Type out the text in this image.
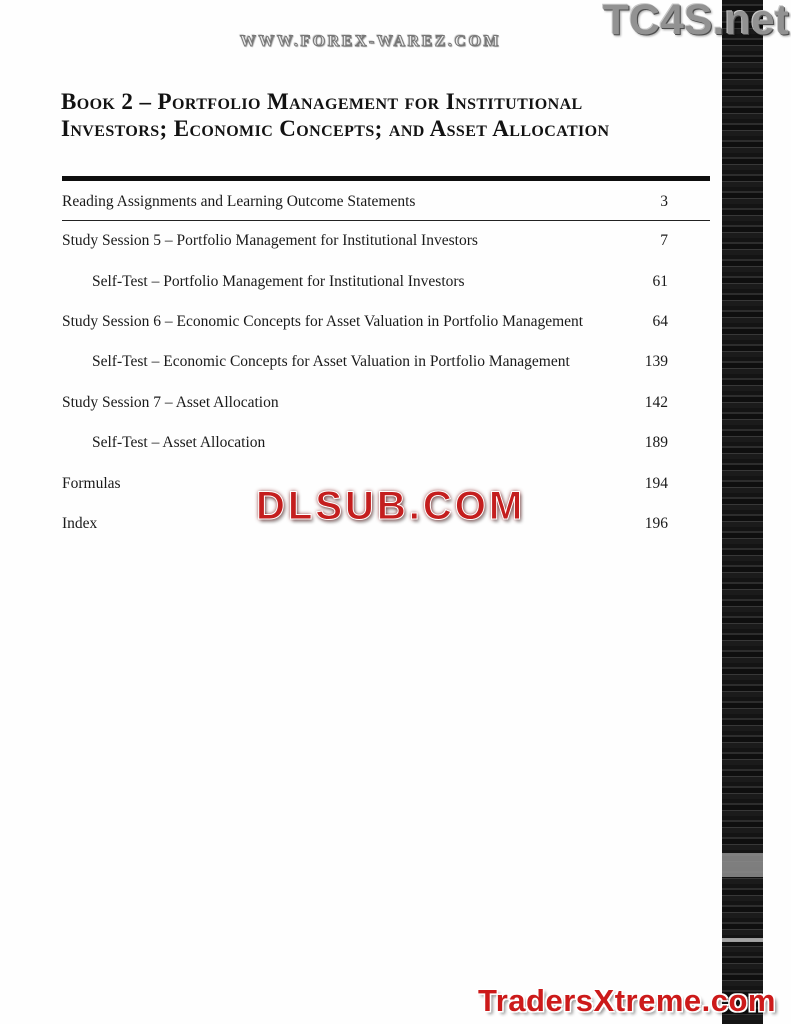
WWW.FOREX-WAREZ.COM	TC4S.net
Book 2 – Portfolio Management for Institutional
Investors; Economic Concepts; and Asset Allocation
Reading Assignments and Learning Outcome Statements	3
Study Session 5 – Portfolio Management for Institutional Investors	7
Self-Test – Portfolio Management for Institutional Investors	61
Study Session 6 – Economic Concepts for Asset Valuation in Portfolio Management	64
Self-Test – Economic Concepts for Asset Valuation in Portfolio Management	139
Study Session 7 – Asset Allocation	142
Self-Test – Asset Allocation	189
Formulas	194
Index	196
DLSUB.COM
TradersXtreme.com
